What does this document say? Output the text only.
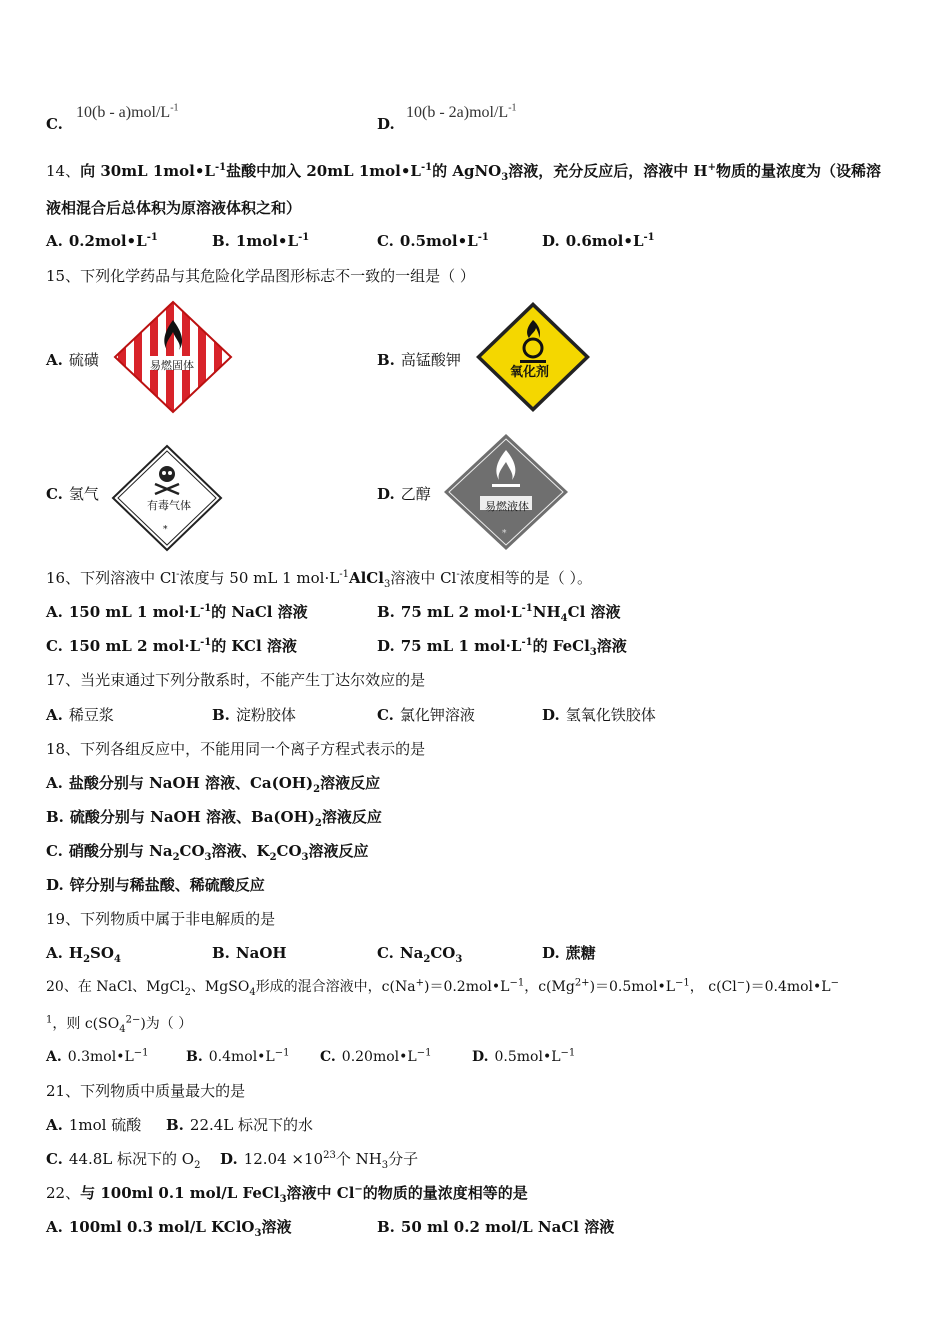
C.
$10(b - a)mol/L^{-1}$
D.
$10(b - 2a)mol/L^{-1}$
14、向 30mL $1mol•L^{-1}$盐酸中加入 20mL $1mol•L^{-1}$的 AgNO$_3$溶液，充分反应后，溶液中 H+物质的量浓度为（设稀溶
液相混合后总体积为原溶液体积之和）
A. $0.2mol•L^{-1}$	B. $1mol•L^{-1}$	C. $0.5mol•L^{-1}$	D. $0.6mol•L^{-1}$
15、下列化学药品与其危险化学品图形标志不一致的一组是（ ）
A. 硫磺	易燃固体	B. 高锰酸钾
氧化剂
C. 氢气
有毒气体
*
D. 乙醇
易燃液体
*
16、下列溶液中 Cl-浓度与 50 mL 1 $mol\cdot L^{-1}AlCl_3$溶液中 Cl-浓度相等的是（ ）。
A. 150 mL 1 $mol\cdot L^{-1}$的 NaCl 溶液	B. 75 mL 2 $mol\cdot L^{-1}NH_4Cl$ 溶液
C. 150 mL 2 $mol\cdot L^{-1}$的 KCl 溶液	D. 75 mL 1 $mol\cdot L^{-1}$的 FeCl$_3$溶液
17、当光束通过下列分散系时，不能产生丁达尔效应的是
A. 稀豆浆	B. 淀粉胶体	C. 氯化钾溶液	D. 氢氧化铁胶体
18、下列各组反应中，不能用同一个离子方程式表示的是
A. 盐酸分别与 NaOH 溶液、$Ca(OH)_2$溶液反应
B. 硫酸分别与 NaOH 溶液、$Ba(OH)_2$溶液反应
C. 硝酸分别与 $Na_2CO_3$溶液、$K_2CO_3$溶液反应
D. 锌分别与稀盐酸、稀硫酸反应
19、下列物质中属于非电解质的是
A. $H_2SO_4$	B. NaOH	C. $Na_2CO_3$	D. 蔗糖
20、在 NaCl、MgCl$_2$、MgSO$_4$形成的混合溶液中，$c(Na^+)=0.2mol•L^{-1}$，$c(Mg^{2+})=0.5mol•L^{-1}$， c(Cl−)＝0.4mol•L−
$^1$，则 $c(SO_4^{2-})$为（ ）
A. $0.3mol•L^{-1}$	B. $0.4mol•L^{-1}$ C. $0.20mol•L^{-1}$	D. $0.5mol•L^{-1}$
21、下列物质中质量最大的是
A. 1mol 硫酸 B. 22.4L 标况下的水
C. 44.8L 标况下的 $O_2$ D. $12.04 \times 10^{23}$个 $NH_3$分子
22、与 100ml 0.1 mol/L FeCl$_3$溶液中 Cl−的物质的量浓度相等的是
A. 100ml 0.3 mol/L KClO$_3$溶液	B. 50 ml 0.2 mol/L NaCl 溶液
